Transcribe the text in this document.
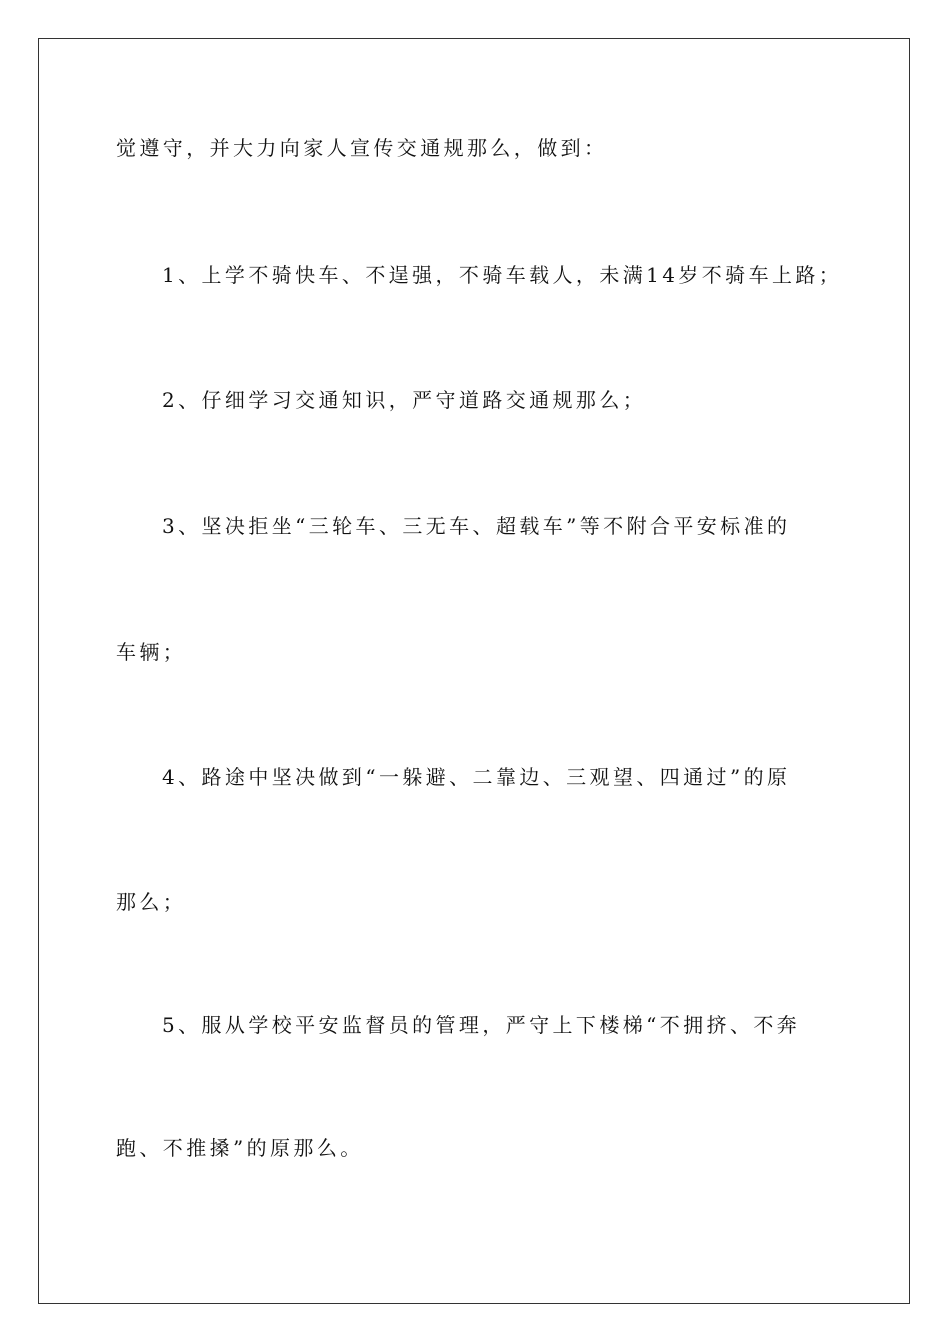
觉遵守，并大力向家人宣传交通规那么，做到：

1、上学不骑快车、不逞强，不骑车载人，未满14岁不骑车上路；

2、仔细学习交通知识，严守道路交通规那么；

3、坚决拒坐“三轮车、三无车、超载车”等不附合平安标准的

车辆；

4、路途中坚决做到“一躲避、二靠边、三观望、四通过”的原

那么；

5、服从学校平安监督员的管理，严守上下楼梯“不拥挤、不奔

跑、不推搡”的原那么。
